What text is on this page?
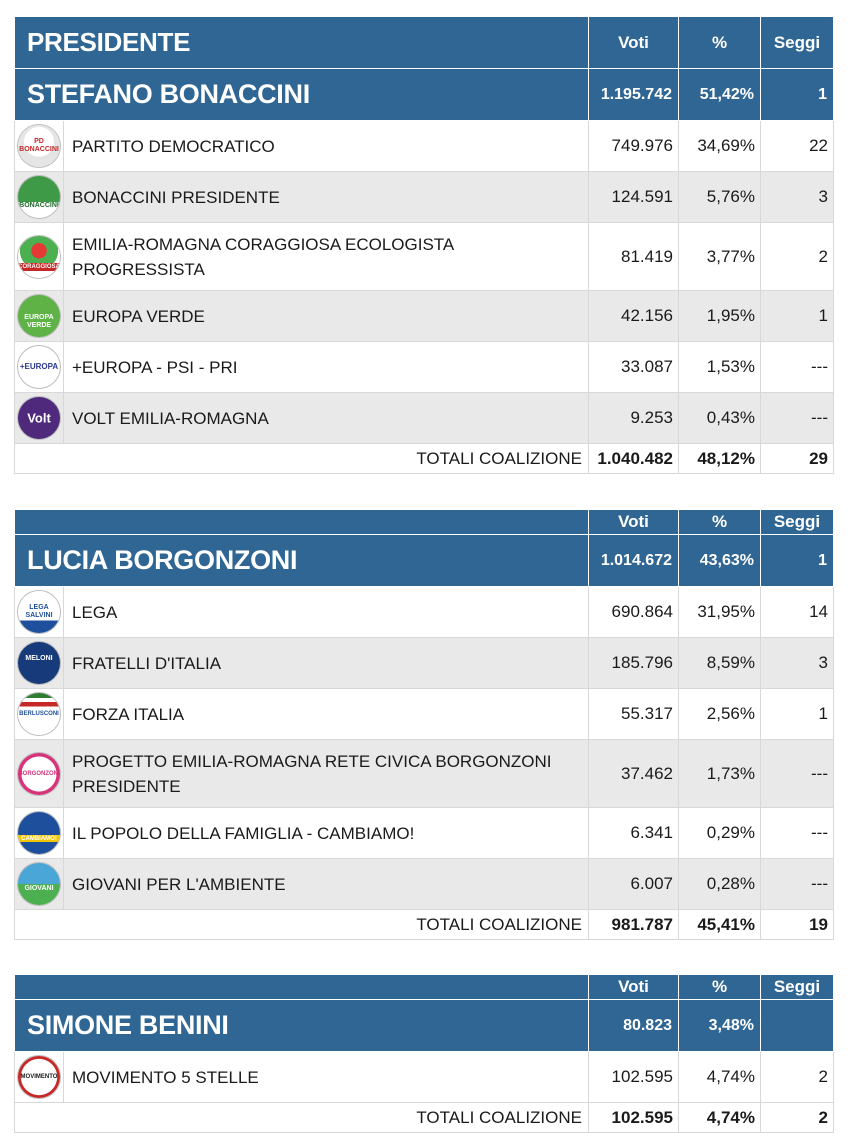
PRESIDENTE		Voti	%	Seggi
STEFANO BONACCINI		1.195.742	51,42%	1

PD BONACCINI	PARTITO DEMOCRATICO	749.976	34,69%	22

BONACCINI	BONACCINI PRESIDENTE	124.591	5,76%	3

CORAGGIOSA	EMILIA-ROMAGNA CORAGGIOSA ECOLOGISTA PROGRESSISTA	81.419	3,77%	2

EUROPA VERDE	EUROPA VERDE	42.156	1,95%	1

+EUROPA	+EUROPA - PSI - PRI	33.087	1,53%	---

Volt	VOLT EMILIA-ROMAGNA	9.253	0,43%	---
TOTALI COALIZIONE		1.040.482	48,12%	29
		Voti	%	Seggi
LUCIA BORGONZONI		1.014.672	43,63%	1

LEGA SALVINI	LEGA	690.864	31,95%	14

MELONI	FRATELLI D'ITALIA	185.796	8,59%	3

BERLUSCONI	FORZA ITALIA	55.317	2,56%	1

BORGONZONI	PROGETTO EMILIA-ROMAGNA RETE CIVICA BORGONZONI PRESIDENTE	37.462	1,73%	---

CAMBIAMO!	IL POPOLO DELLA FAMIGLIA - CAMBIAMO!	6.341	0,29%	---

GIOVANI	GIOVANI PER L'AMBIENTE	6.007	0,28%	---
TOTALI COALIZIONE		981.787	45,41%	19
		Voti	%	Seggi
SIMONE BENINI		80.823	3,48%	

MOVIMENTO	MOVIMENTO 5 STELLE	102.595	4,74%	2
TOTALI COALIZIONE		102.595	4,74%	2
